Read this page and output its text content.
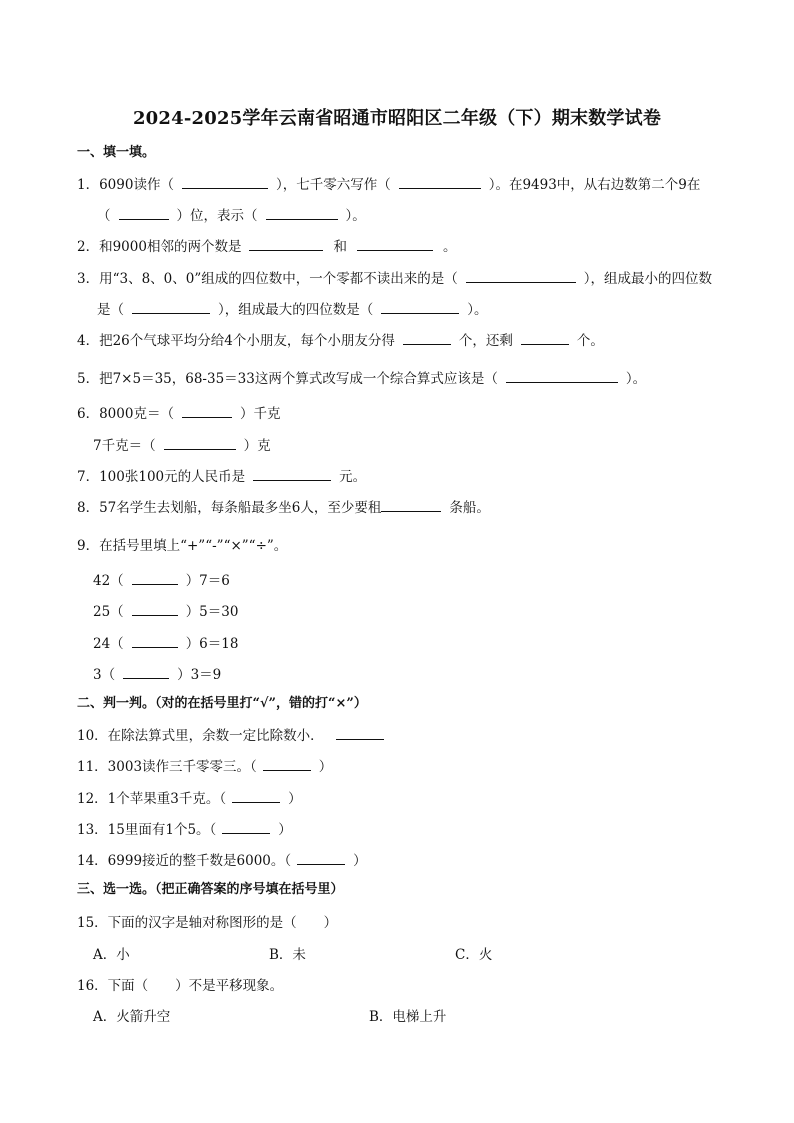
2024-2025学年云南省昭通市昭阳区二年级（下）期末数学试卷
一、填一填。
1．6090读作（	），七千零六写作（	）。在9493中，从右边数第二个9在
（	）位，表示（	）。
2．和9000相邻的两个数是	和	。
3．用“3、8、0、0”组成的四位数中，一个零都不读出来的是（	），组成最小的四位数
是（	），组成最大的四位数是（	）。
4．把26个气球平均分给4个小朋友，每个小朋友分得	个，还剩	个。
5．把7×5＝35，68-35＝33这两个算式改写成一个综合算式应该是（	）。
6．8000克＝（	）千克
7千克＝（	）克
7．100张100元的人民币是	元。
8．57名学生去划船，每条船最多坐6人，至少要租	条船。
9．在括号里填上“+”“-”“×”“÷”。
42（	）7＝6
25（	）5＝30
24（	）6＝18
3（	）3＝9
二、判一判。（对的在括号里打“√”，错的打“×”）
10．在除法算式里，余数一定比除数小．
11．3003读作三千零零三。（	）
12．1个苹果重3千克。（	）
13．15里面有1个5。（	）
14．6999接近的整千数是6000。（	）
三、选一选。（把正确答案的序号填在括号里）
15．下面的汉字是轴对称图形的是（　　）
A．小	B．未	C．火
16．下面（　　）不是平移现象。
A．火箭升空	B．电梯上升
